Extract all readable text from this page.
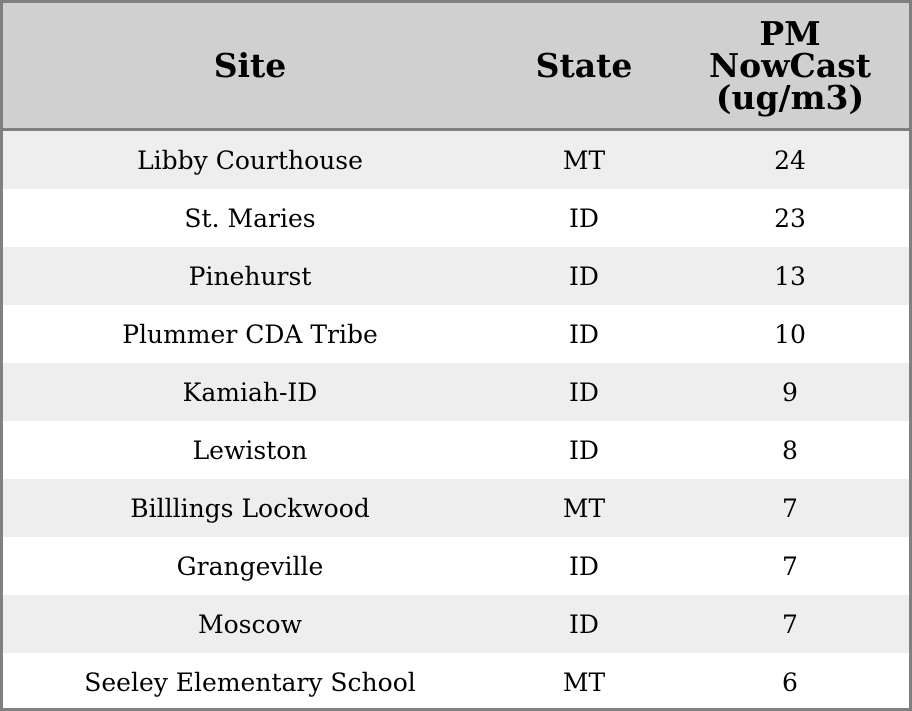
Site	State	PM
NowCast
(ug/m3)
Libby Courthouse	MT	24
St. Maries	ID	23
Pinehurst	ID	13
Plummer CDA Tribe	ID	10
Kamiah-ID	ID	9
Lewiston	ID	8
Billlings Lockwood	MT	7
Grangeville	ID	7
Moscow	ID	7
Seeley Elementary School	MT	6
